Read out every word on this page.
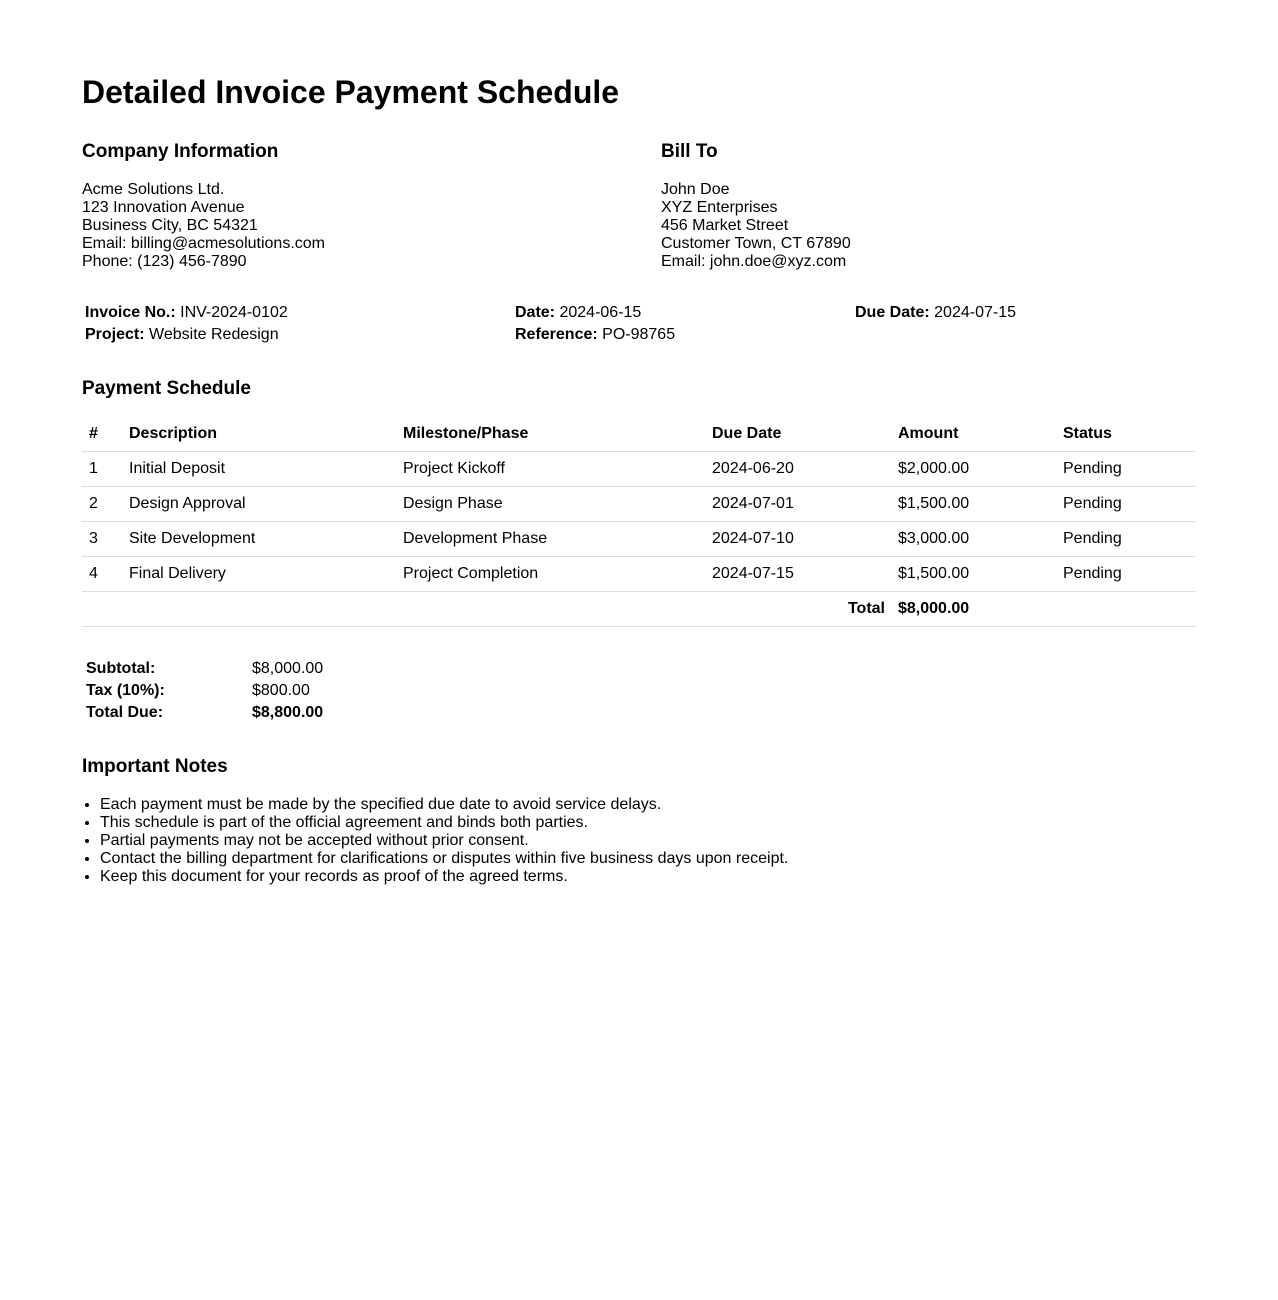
Detailed Invoice Payment Schedule
Company Information
Acme Solutions Ltd.
123 Innovation Avenue
Business City, BC 54321
Email: billing@acmesolutions.com
Phone: (123) 456-7890
Bill To
John Doe
XYZ Enterprises
456 Market Street
Customer Town, CT 67890
Email: john.doe@xyz.com
Invoice No.: INV-2024-0102	Date: 2024-06-15	Due Date: 2024-07-15
Project: Website Redesign	Reference: PO-98765
Payment Schedule
#	Description	Milestone/Phase	Due Date	Amount	Status
1	Initial Deposit	Project Kickoff	2024-06-20	$2,000.00	Pending
2	Design Approval	Design Phase	2024-07-01	$1,500.00	Pending
3	Site Development	Development Phase	2024-07-10	$3,000.00	Pending
4	Final Delivery	Project Completion	2024-07-15	$1,500.00	Pending
Total				$8,000.00	
Subtotal:	$8,000.00
Tax (10%):	$800.00
Total Due:	$8,800.00
Important Notes
• Each payment must be made by the specified due date to avoid service delays.
• This schedule is part of the official agreement and binds both parties.
• Partial payments may not be accepted without prior consent.
• Contact the billing department for clarifications or disputes within five business days upon receipt.
• Keep this document for your records as proof of the agreed terms.
